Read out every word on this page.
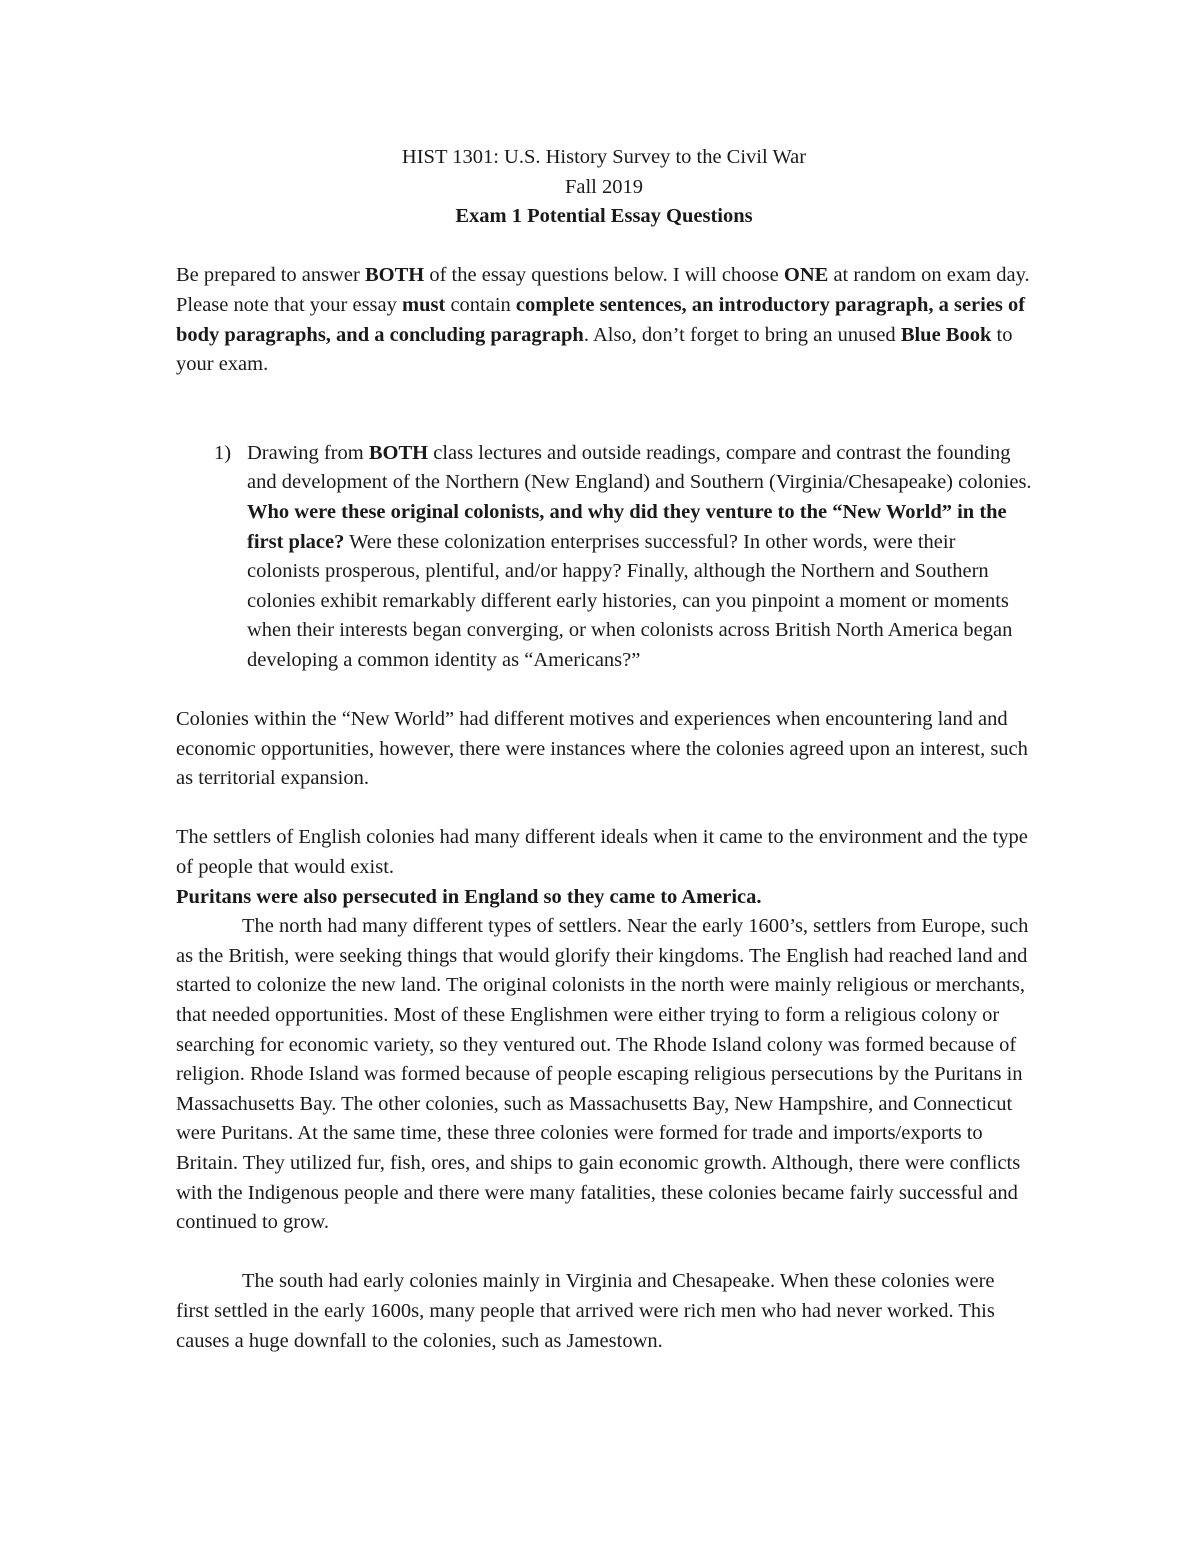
HIST 1301: U.S. History Survey to the Civil War

Fall 2019

Exam 1 Potential Essay Questions

Be prepared to answer BOTH of the essay questions below. I will choose ONE at random on exam day. Please note that your essay must contain complete sentences, an introductory paragraph, a series of body paragraphs, and a concluding paragraph. Also, don’t forget to bring an unused Blue Book to your exam.

1) Drawing from BOTH class lectures and outside readings, compare and contrast the founding and development of the Northern (New England) and Southern (Virginia/Chesapeake) colonies. Who were these original colonists, and why did they venture to the “New World” in the first place? Were these colonization enterprises successful? In other words, were their colonists prosperous, plentiful, and/or happy? Finally, although the Northern and Southern colonies exhibit remarkably different early histories, can you pinpoint a moment or moments when their interests began converging, or when colonists across British North America began developing a common identity as “Americans?”

Colonies within the “New World” had different motives and experiences when encountering land and economic opportunities, however, there were instances where the colonies agreed upon an interest, such as territorial expansion.

The settlers of English colonies had many different ideals when it came to the environment and the type of people that would exist.

Puritans were also persecuted in England so they came to America.

The north had many different types of settlers. Near the early 1600’s, settlers from Europe, such as the British, were seeking things that would glorify their kingdoms. The English had reached land and started to colonize the new land. The original colonists in the north were mainly religious or merchants, that needed opportunities. Most of these Englishmen were either trying to form a religious colony or searching for economic variety, so they ventured out. The Rhode Island colony was formed because of religion. Rhode Island was formed because of people escaping religious persecutions by the Puritans in Massachusetts Bay. The other colonies, such as Massachusetts Bay, New Hampshire, and Connecticut were Puritans. At the same time, these three colonies were formed for trade and imports/exports to Britain. They utilized fur, fish, ores, and ships to gain economic growth. Although, there were conflicts with the Indigenous people and there were many fatalities, these colonies became fairly successful and continued to grow.

The south had early colonies mainly in Virginia and Chesapeake. When these colonies were first settled in the early 1600s, many people that arrived were rich men who had never worked. This causes a huge downfall to the colonies, such as Jamestown.
